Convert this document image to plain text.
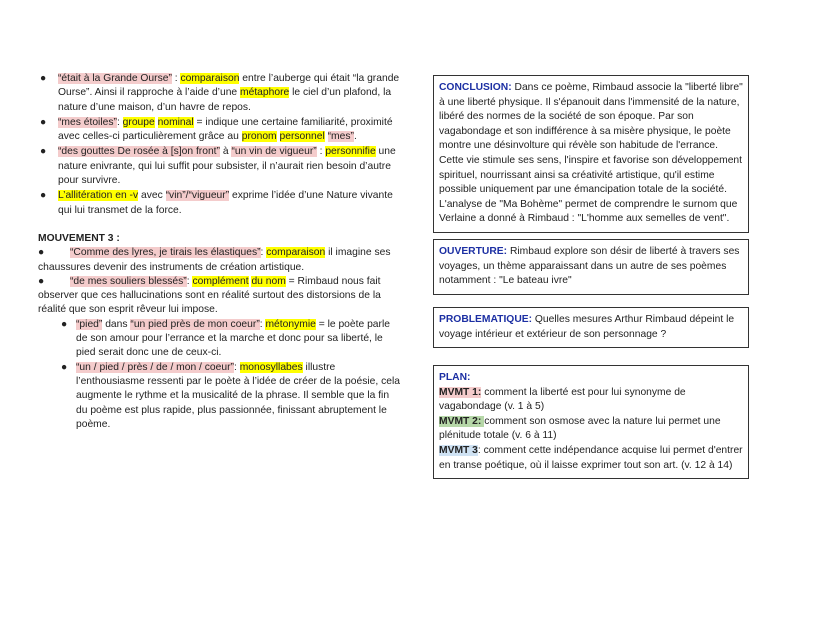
● “était à la Grande Ourse” : comparaison entre l’auberge qui était “la grande Ourse”. Ainsi il rapproche à l’aide d’une métaphore le ciel d’un plafond, la nature d’une maison, d’un havre de repos.
● “mes étoiles”: groupe nominal = indique une certaine familiarité, proximité avec celles-ci particulièrement grâce au pronom personnel “mes”.
● “des gouttes De rosée à [s]on front” à “un vin de vigueur” : personnifie une nature enivrante, qui lui suffit pour subsister, il n’aurait rien besoin d’autre pour survivre.
● L’allitération en -v avec “vin”/“vigueur” exprime l’idée d’une Nature vivante qui lui transmet de la force.
MOUVEMENT 3 :
●	“Comme des lyres, je tirais les élastiques”: comparaison il imagine ses chaussures devenir des instruments de création artistique.
●	“de mes souliers blessés”: complément du nom = Rimbaud nous fait observer que ces hallucinations sont en réalité surtout des distorsions de la réalité que son esprit rêveur lui impose.
● “pied” dans “un pied près de mon coeur”: métonymie = le poète parle de son amour pour l’errance et la marche et donc pour sa liberté, le pied serait donc une de ceux-ci.
● “un / pied / près / de / mon / coeur”: monosyllabes illustre l’enthousiasme ressenti par le poète à l’idée de créer de la poésie, cela augmente le rythme et la musicalité de la phrase. Il semble que la fin du poème est plus rapide, plus passionnée, finissant abruptement le poème.
CONCLUSION: Dans ce poème, Rimbaud associe la "liberté libre" à une liberté physique. Il s'épanouit dans l'immensité de la nature, libéré des normes de la société de son époque. Par son vagabondage et son indifférence à sa misère physique, le poète montre une désinvolture qui révèle son habitude de l'errance. Cette vie stimule ses sens, l'inspire et favorise son développement spirituel, nourrissant ainsi sa créativité artistique, qu'il estime possible uniquement par une émancipation totale de la société. L'analyse de "Ma Bohème" permet de comprendre le surnom que Verlaine a donné à Rimbaud : "L'homme aux semelles de vent".
OUVERTURE: Rimbaud explore son désir de liberté à travers ses voyages, un thème apparaissant dans un autre de ses poèmes notamment : "Le bateau ivre"
PROBLEMATIQUE: Quelles mesures Arthur Rimbaud dépeint le voyage intérieur et extérieur de son personnage ?
PLAN:
MVMT 1: comment la liberté est pour lui synonyme de vagabondage (v. 1 à 5)
MVMT 2: comment son osmose avec la nature lui permet une plénitude totale (v. 6 à 11)
MVMT 3: comment cette indépendance acquise lui permet d'entrer en transe poétique, où il laisse exprimer tout son art. (v. 12 à 14)
